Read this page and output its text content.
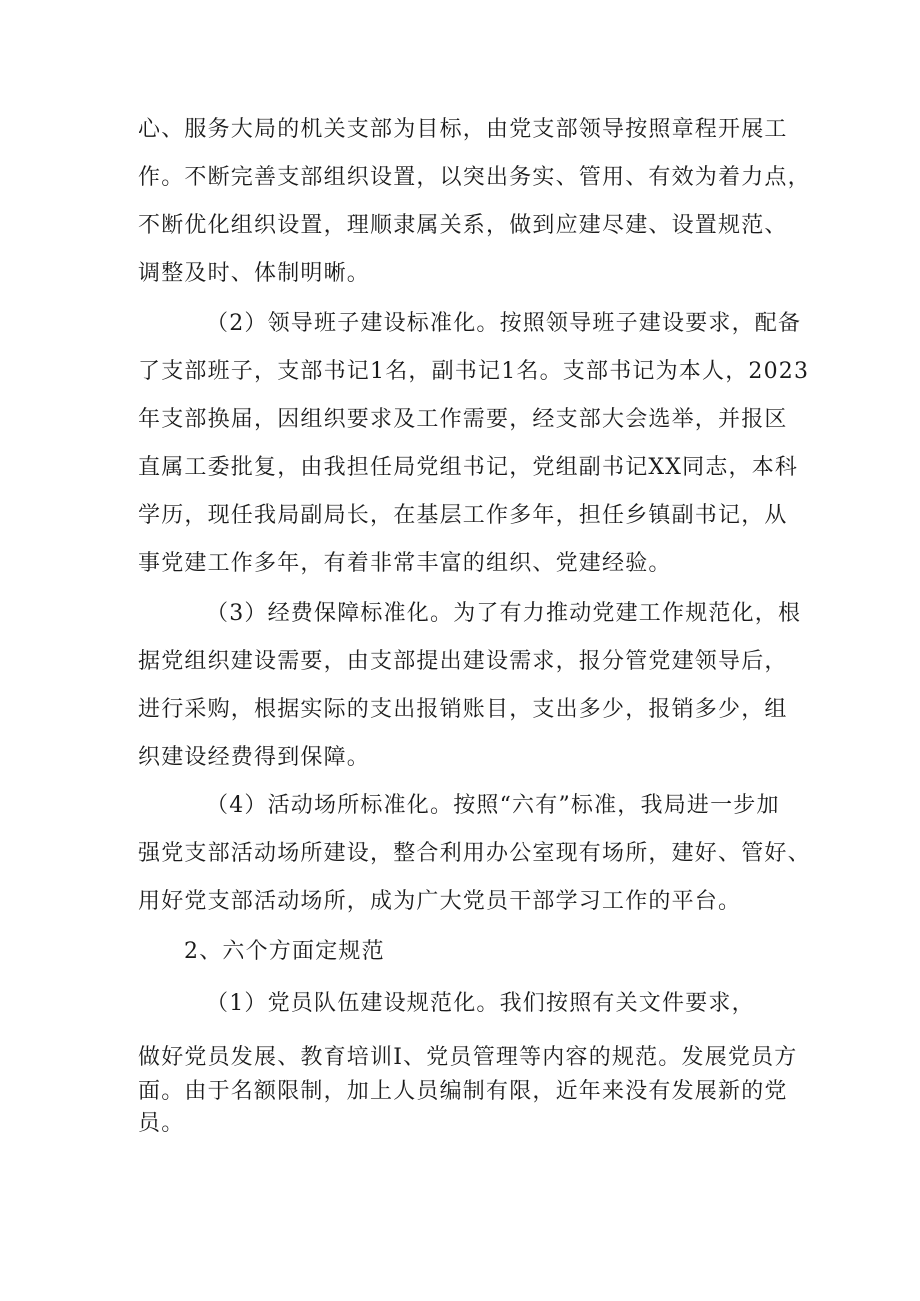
心、服务大局的机关支部为目标，由党支部领导按照章程开展工
作。不断完善支部组织设置，以突出务实、管用、有效为着力点，
不断优化组织设置，理顺隶属关系，做到应建尽建、设置规范、
调整及时、体制明晰。
（2）领导班子建设标准化。按照领导班子建设要求，配备
了支部班子，支部书记1名，副书记1名。支部书记为本人，2023
年支部换届，因组织要求及工作需要，经支部大会选举，并报区
直属工委批复，由我担任局党组书记，党组副书记XX同志，本科
学历，现任我局副局长，在基层工作多年，担任乡镇副书记，从
事党建工作多年，有着非常丰富的组织、党建经验。
（3）经费保障标准化。为了有力推动党建工作规范化，根
据党组织建设需要，由支部提出建设需求，报分管党建领导后，
进行采购，根据实际的支出报销账目，支出多少，报销多少，组
织建设经费得到保障。
（4）活动场所标准化。按照“六有”标准，我局进一步加
强党支部活动场所建设，整合利用办公室现有场所，建好、管好、
用好党支部活动场所，成为广大党员干部学习工作的平台。
2、六个方面定规范
（1）党员队伍建设规范化。我们按照有关文件要求，
做好党员发展、教育培训I、党员管理等内容的规范。发展党员方
面。由于名额限制，加上人员编制有限，近年来没有发展新的党
员。
